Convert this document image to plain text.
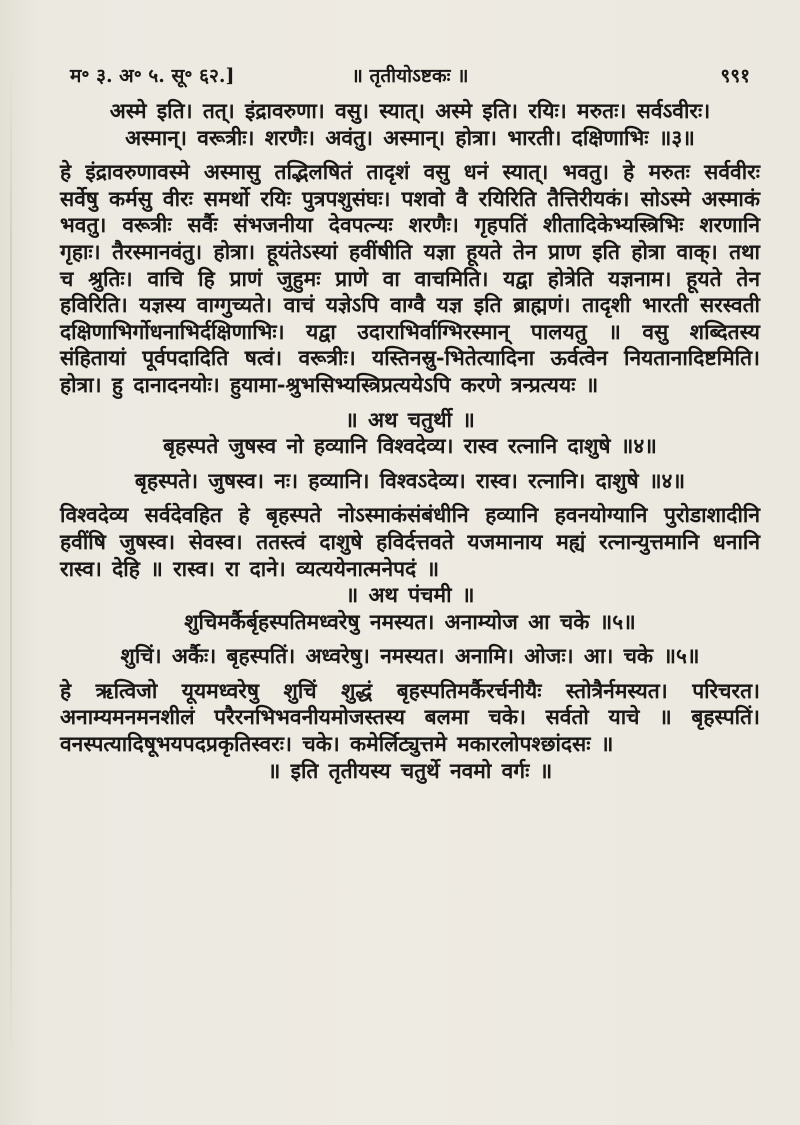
म॰ ३. अ॰ ५. सू॰ ६२.]	॥ तृतीयोऽष्टकः ॥	९९१

अस्मे इति। तत्। इंद्रावरुणा। वसु। स्यात्। अस्मे इति। रयिः। मरुतः। सर्वऽवीरः।

अस्मान्। वरूत्रीः। शरणैः। अवंतु। अस्मान्। होत्रा। भारती। दक्षिणाभिः ॥३॥

हे इंद्रावरुणावस्मे अस्मासु तद्भिलषितं तादृशं वसु धनं स्यात्। भवतु। हे मरुतः सर्ववीरः सर्वेषु कर्मसु वीरः समर्थो रयिः पुत्रपशुसंघः। पशवो वै रयिरिति तैत्तिरीयकं। सोऽस्मे अस्माकं भवतु। वरूत्रीः सर्वैः संभजनीया देवपत्न्यः शरणैः। गृहपतिं शीतादिकेभ्यस्त्रिभिः शरणानि गृहाः। तैरस्मानवंतु। होत्रा। हूयंतेऽस्यां हवींषीति यज्ञा हूयते तेन प्राण इति होत्रा वाक्। तथा च श्रुतिः। वाचि हि प्राणं जुहुमः प्राणे वा वाचमिति। यद्वा होत्रेति यज्ञनाम। हूयते तेन हविरिति। यज्ञस्य वाग्गुच्यते। वाचं यज्ञेऽपि वाग्वै यज्ञ इति ब्राह्मणं। तादृशी भारती सरस्वती दक्षिणाभिर्गोधनाभिर्दक्षिणाभिः। यद्वा उदाराभिर्वाग्भिरस्मान् पालयतु ॥ वसु शब्दितस्य संहितायां पूर्वपदादिति षत्वं। वरूत्रीः। यस्तिनस्रु-भितेत्यादिना ऊर्वत्वेन नियतानादिष्टमिति। होत्रा। हु दानादनयोः। हुयामा-श्रुभसिभ्यस्त्रिप्रत्ययेऽपि करणे त्रन्प्रत्ययः ॥

॥ अथ चतुर्थी ॥

बृहस्पते जुषस्व नो हव्यानि विश्वदेव्य। रास्व रत्नानि दाशुषे ॥४॥

बृहस्पते। जुषस्व। नः। हव्यानि। विश्वऽदेव्य। रास्व। रत्नानि। दाशुषे ॥४॥

विश्वदेव्य सर्वदेवहित हे बृहस्पते नोऽस्माकंसंबंधीनि हव्यानि हवनयोग्यानि पुरोडाशादीनि हवींषि जुषस्व। सेवस्व। ततस्त्वं दाशुषे हविर्दत्तवते यजमानाय मह्यं रत्नान्युत्तमानि धनानि रास्व। देहि ॥ रास्व। रा दाने। व्यत्ययेनात्मनेपदं ॥

॥ अथ पंचमी ॥

शुचिमर्कैर्बृहस्पतिमध्वरेषु नमस्यत। अनाम्योज आ चके ॥५॥

शुचिं। अर्कैः। बृहस्पतिं। अध्वरेषु। नमस्यत। अनामि। ओजः। आ। चके ॥५॥

हे ऋत्विजो यूयमध्वरेषु शुचिं शुद्धं बृहस्पतिमर्कैरर्चनीयैः स्तोत्रैर्नमस्यत। परिचरत। अनाम्यमनमनशीलं परैरनभिभवनीयमोजस्तस्य बलमा चके। सर्वतो याचे ॥ बृहस्पतिं। वनस्पत्यादिषूभयपदप्रकृतिस्वरः। चके। कमेर्लिट्युत्तमे मकारलोपश्छांदसः ॥

॥ इति तृतीयस्य चतुर्थे नवमो वर्गः ॥
